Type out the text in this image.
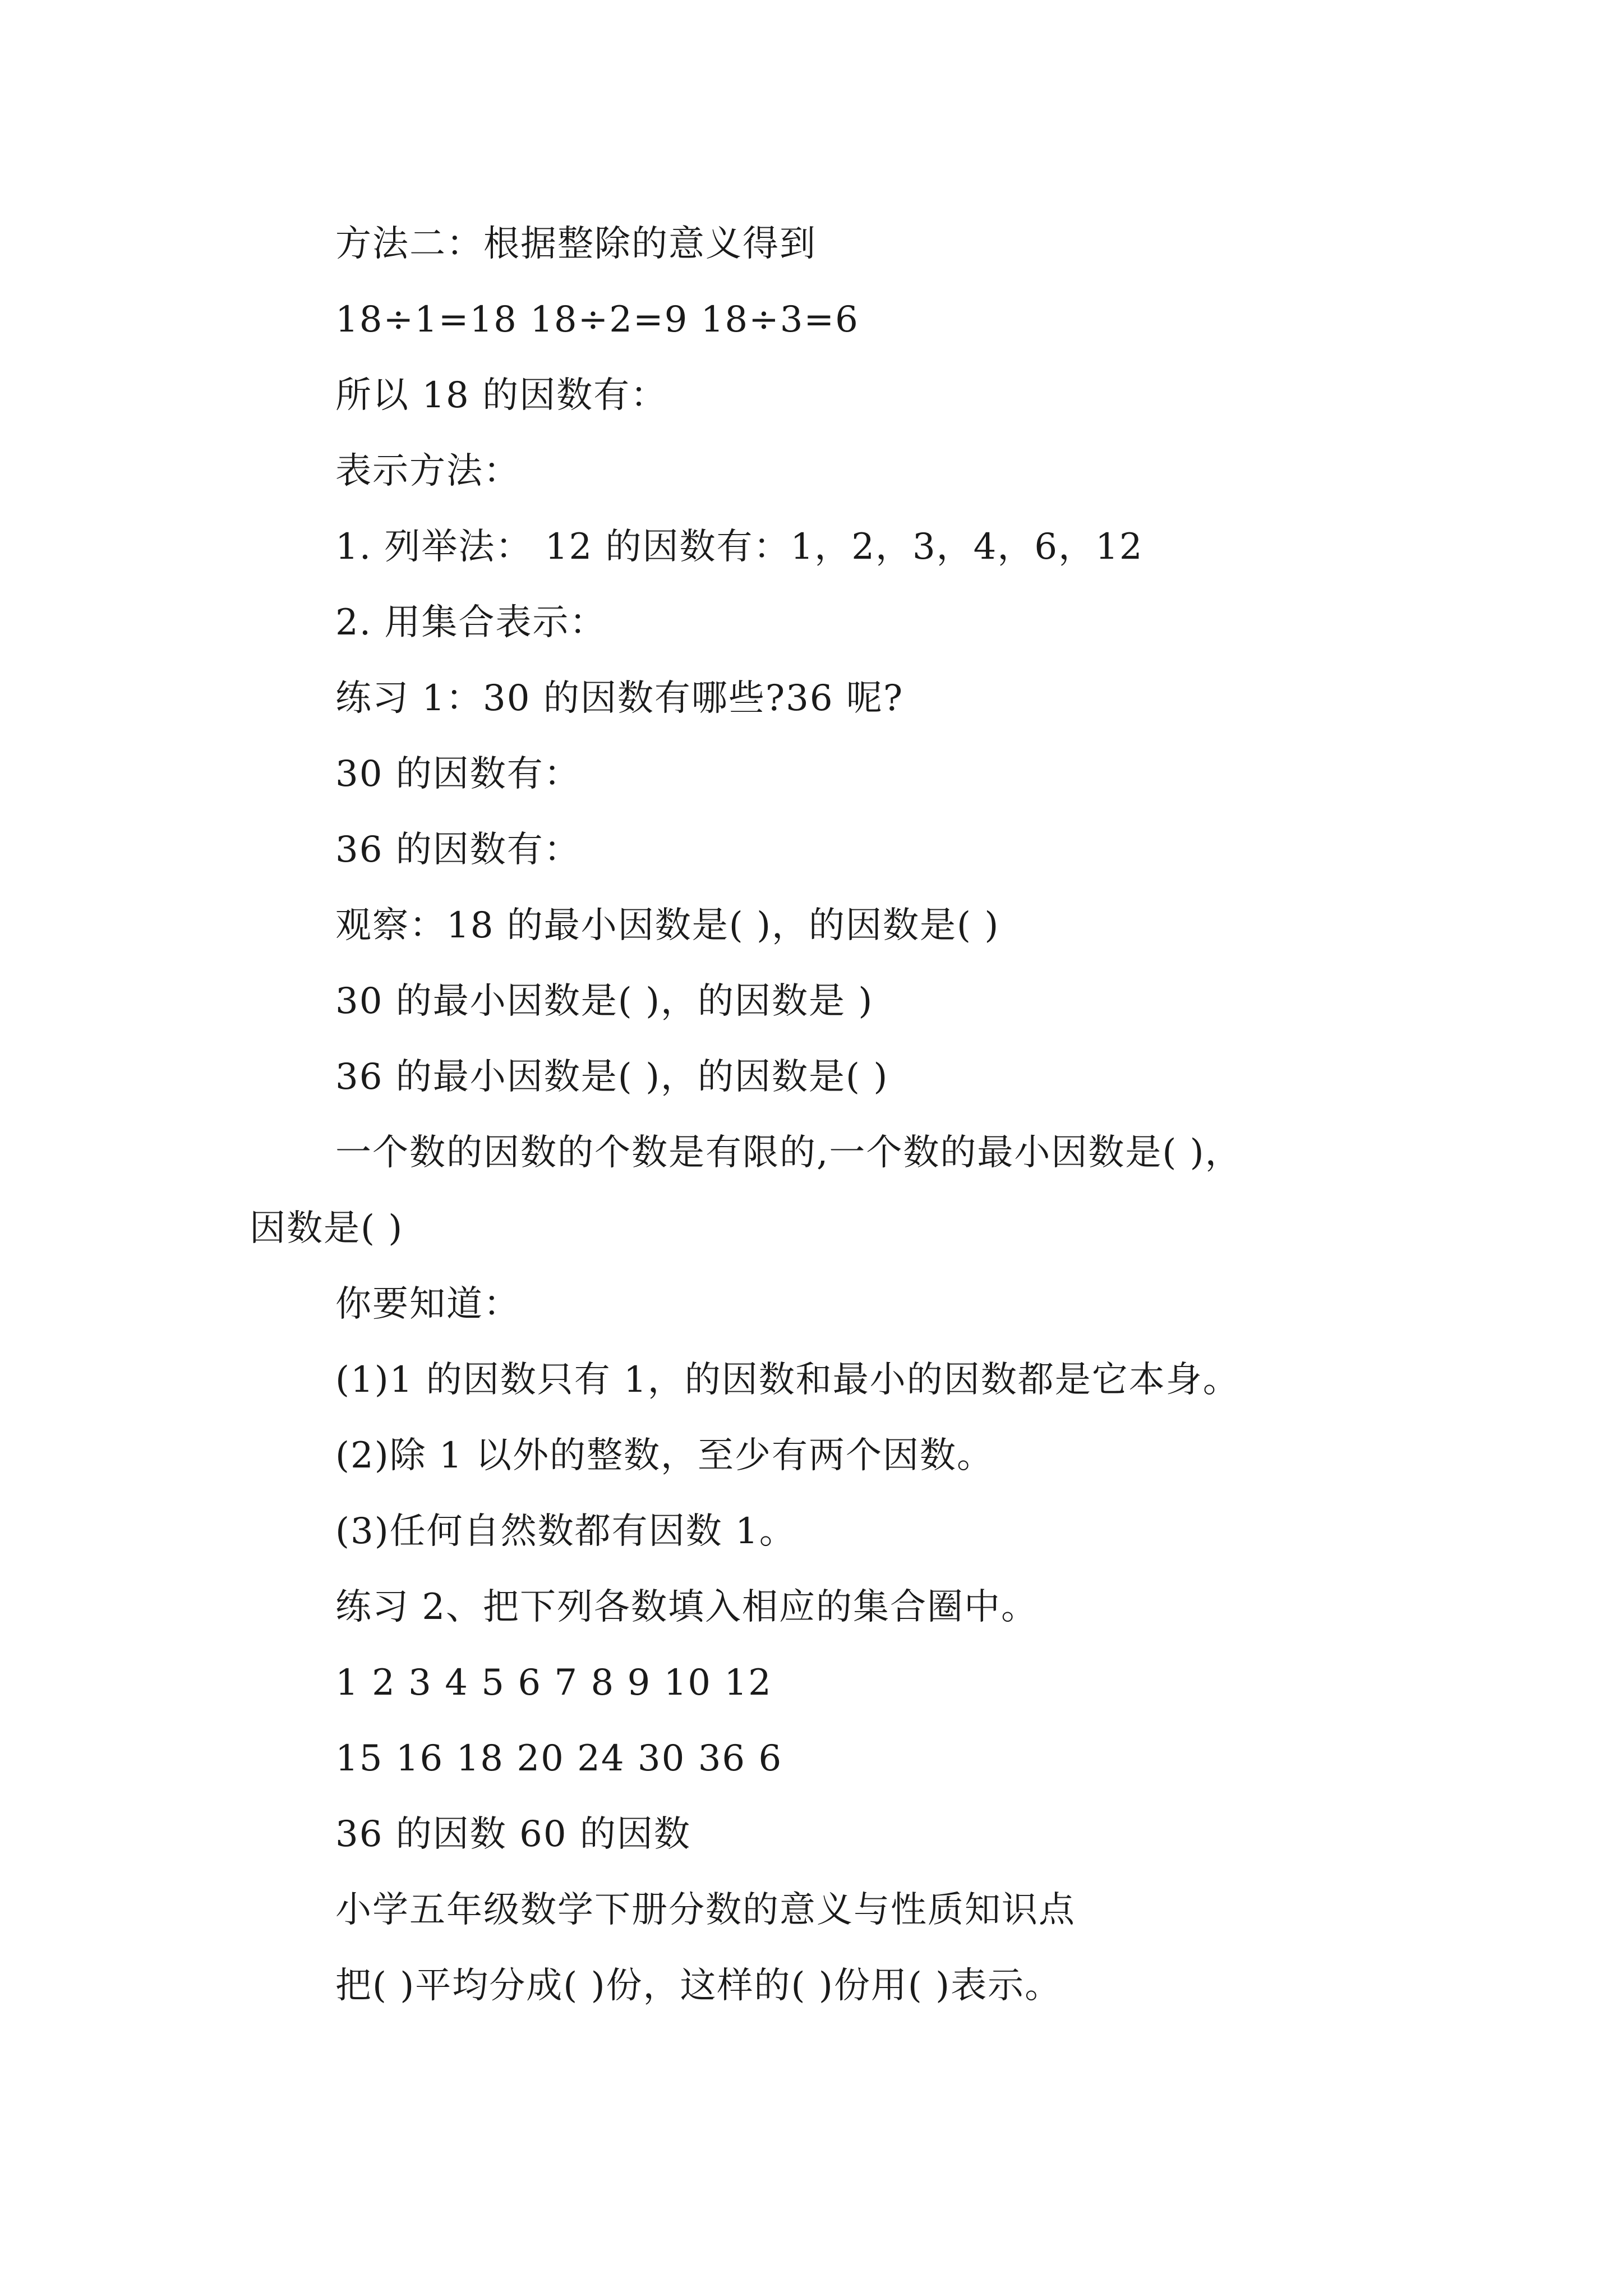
方法二：根据整除的意义得到
18÷1=18 18÷2=9 18÷3=6
所以 18 的因数有：
表示方法：
1. 列举法： 12 的因数有：1，2，3，4，6，12
2. 用集合表示：
练习 1：30 的因数有哪些?36 呢?
30 的因数有：
36 的因数有：
观察：18 的最小因数是( )，的因数是( )
30 的最小因数是( )，的因数是 )
36 的最小因数是( )，的因数是( )
一个数的因数的个数是有限的,一个数的最小因数是( )，
因数是( )
你要知道：
(1)1 的因数只有 1，的因数和最小的因数都是它本身。
(2)除 1 以外的整数，至少有两个因数。
(3)任何自然数都有因数 1。
练习 2、把下列各数填入相应的集合圈中。
1 2 3 4 5 6 7 8 9 10 12
15 16 18 20 24 30 36 6
36 的因数 60 的因数
小学五年级数学下册分数的意义与性质知识点
把( )平均分成( )份，这样的( )份用( )表示。
